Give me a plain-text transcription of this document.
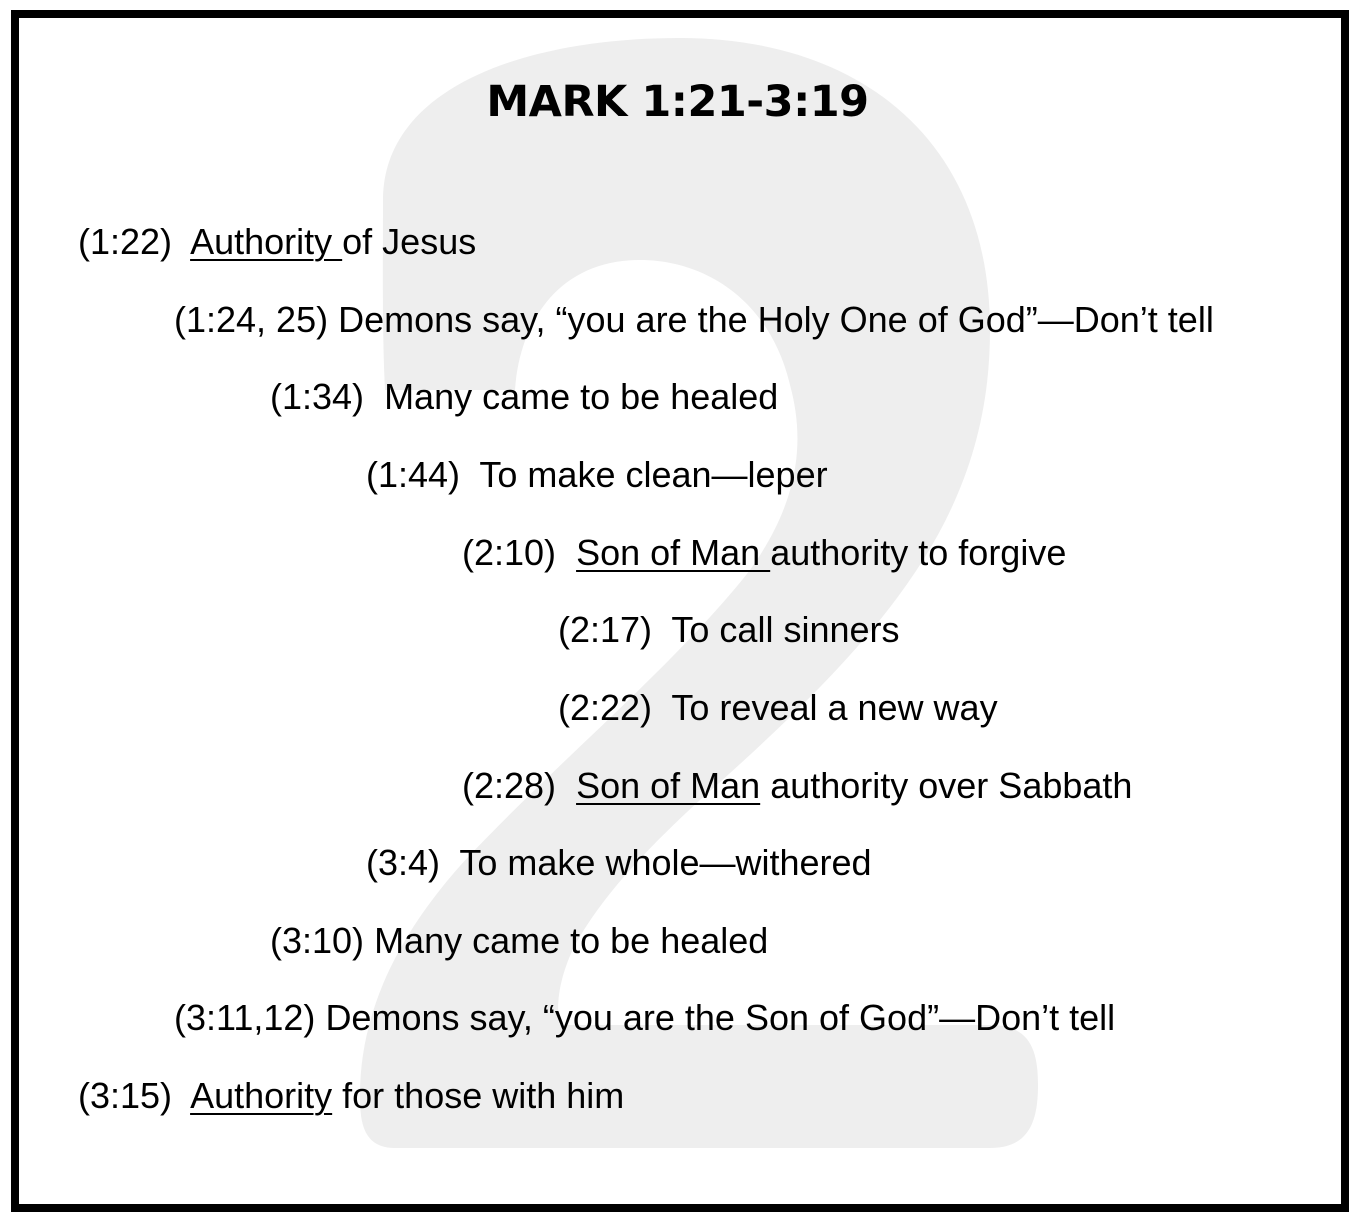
MARK 1:21-3:19
(1:22) Authority of Jesus
(1:24, 25) Demons say, “you are the Holy One of God”—Don’t tell
(1:34) Many came to be healed
(1:44) To make clean—leper
(2:10) Son of Man authority to forgive
(2:17) To call sinners
(2:22) To reveal a new way
(2:28) Son of Man authority over Sabbath
(3:4) To make whole—withered
(3:10) Many came to be healed
(3:11,12) Demons say, “you are the Son of God”—Don’t tell
(3:15) Authority for those with him
